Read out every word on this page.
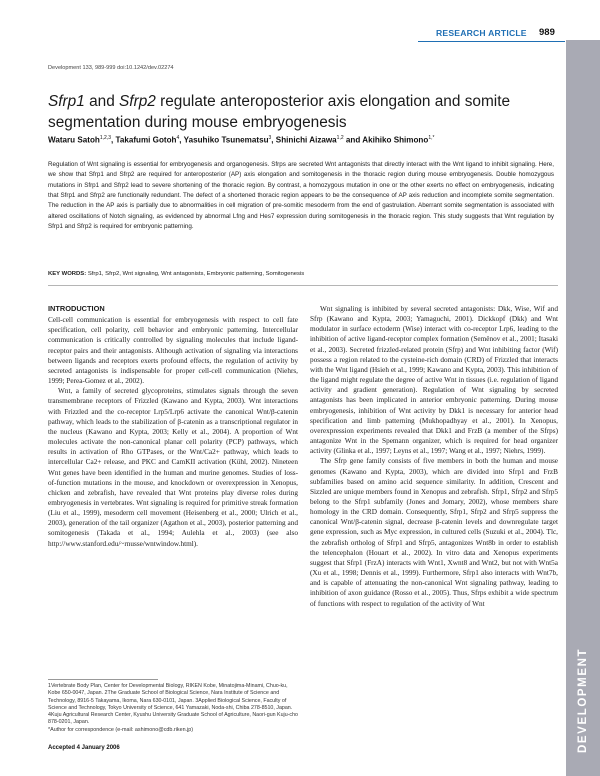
RESEARCH ARTICLE 989
DEVELOPMENT
Development 133, 989-999 doi:10.1242/dev.02274
Sfrp1 and Sfrp2 regulate anteroposterior axis elongation and somite segmentation during mouse embryogenesis
Wataru Satoh$^{1,2,3}$, Takafumi Gotoh$^4$, Yasuhiko Tsunematsu$^3$, Shinichi Aizawa$^{1,2}$ and Akihiko Shimono$^{1,*}$
Regulation of Wnt signaling is essential for embryogenesis and organogenesis. Sfrps are secreted Wnt antagonists that directly interact with the Wnt ligand to inhibit signaling. Here, we show that Sfrp1 and Sfrp2 are required for anteroposterior (AP) axis elongation and somitogenesis in the thoracic region during mouse embryogenesis. Double homozygous mutations in Sfrp1 and Sfrp2 lead to severe shortening of the thoracic region. By contrast, a homozygous mutation in one or the other exerts no effect on embryogenesis, indicating that Sfrp1 and Sfrp2 are functionally redundant. The defect of a shortened thoracic region appears to be the consequence of AP axis reduction and incomplete somite segmentation. The reduction in the AP axis is partially due to abnormalities in cell migration of pre-somitic mesoderm from the end of gastrulation. Aberrant somite segmentation is associated with altered oscillations of Notch signaling, as evidenced by abnormal Lfng and Hes7 expression during somitogenesis in the thoracic region. This study suggests that Wnt regulation by Sfrp1 and Sfrp2 is required for embryonic patterning.
KEY WORDS: Sfrp1, Sfrp2, Wnt signaling, Wnt antagonists, Embryonic patterning, Somitogenesis
INTRODUCTION

Cell-cell communication is essential for embryogenesis with respect to cell fate specification, cell polarity, cell behavior and embryonic patterning. Intercellular communication is critically controlled by signaling molecules that include ligand-receptor pairs and their antagonists. Although activation of signaling via interactions between ligands and receptors exerts profound effects, the regulation of activity by secreted antagonists is indispensable for proper cell-cell communication (Niehrs, 1999; Perea-Gomez et al., 2002).

Wnt, a family of secreted glycoproteins, stimulates signals through the seven transmembrane receptors of Frizzled (Kawano and Kypta, 2003). Wnt interactions with Frizzled and the co-receptor Lrp5/Lrp6 activate the canonical Wnt/β-catenin pathway, which leads to the stabilization of β-catenin as a transcriptional regulator in the nucleus (Kawano and Kypta, 2003; Kelly et al., 2004). A proportion of Wnt molecules activate the non-canonical planar cell polarity (PCP) pathways, which results in activation of Rho GTPases, or the Wnt/Ca2+ pathway, which leads to intercellular Ca2+ release, and PKC and CamKII activation (Kühl, 2002). Nineteen Wnt genes have been identified in the human and murine genomes. Studies of loss-of-function mutations in the mouse, and knockdown or overexpression in Xenopus, chicken and zebrafish, have revealed that Wnt proteins play diverse roles during embryogenesis in vertebrates. Wnt signaling is required for primitive streak formation (Liu et al., 1999), mesoderm cell movement (Heisenberg et al., 2000; Ulrich et al., 2003), generation of the tail organizer (Agathon et al., 2003), posterior patterning and somitogenesis (Takada et al., 1994; Aulehla et al., 2003) (see also http://www.stanford.edu/~rnusse/wntwindow.html).

1Vertebrate Body Plan, Center for Developmental Biology, RIKEN Kobe, Minatojima-Minami, Chuo-ku, Kobe 650-0047, Japan. 2The Graduate School of Biological Science, Nara Institute of Science and Technology, 8916-5 Takayama, Ikoma, Nara 630-0101, Japan. 3Applied Biological Science, Faculty of Science and Technology, Tokyo University of Science, 641 Yamazaki, Noda-shi, Chiba 278-8510, Japan. 4Kuju Agricultural Research Center, Kyushu University Graduate School of Agriculture, Naori-gun Kuju-cho 878-0201, Japan.
*Author for correspondence (e-mail: ashimono@cdb.riken.jp)
Accepted 4 January 2006

Wnt signaling is inhibited by several secreted antagonists: Dkk, Wise, Wif and Sfrp (Kawano and Kypta, 2003; Yamaguchi, 2001). Dickkopf (Dkk) and Wnt modulator in surface ectoderm (Wise) interact with co-receptor Lrp6, leading to the inhibition of active ligand-receptor complex formation (Semënov et al., 2001; Itasaki et al., 2003). Secreted frizzled-related protein (Sfrp) and Wnt inhibiting factor (Wif) possess a region related to the cysteine-rich domain (CRD) of Frizzled that interacts with the Wnt ligand (Hsieh et al., 1999; Kawano and Kypta, 2003). This inhibition of the ligand might regulate the degree of active Wnt in tissues (i.e. regulation of ligand activity and gradient generation). Regulation of Wnt signaling by secreted antagonists has been implicated in anterior embryonic patterning. During mouse embryogenesis, inhibition of Wnt activity by Dkk1 is necessary for anterior head specification and limb patterning (Mukhopadhyay et al., 2001). In Xenopus, overexpression experiments revealed that Dkk1 and FrzB (a member of the Sfrps) antagonize Wnt in the Spemann organizer, which is required for head organizer activity (Glinka et al., 1997; Leyns et al., 1997; Wang et al., 1997; Niehrs, 1999).

The Sfrp gene family consists of five members in both the human and mouse genomes (Kawano and Kypta, 2003), which are divided into Sfrp1 and FrzB subfamilies based on amino acid sequence similarity. In addition, Crescent and Sizzled are unique members found in Xenopus and zebrafish. Sfrp1, Sfrp2 and Sfrp5 belong to the Sfrp1 subfamily (Jones and Jomary, 2002), whose members share homology in the CRD domain. Consequently, Sfrp1, Sfrp2 and Sfrp5 suppress the canonical Wnt/β-catenin signal, decrease β-catenin levels and downregulate target gene expression, such as Myc expression, in cultured cells (Suzuki et al., 2004). Tlc, the zebrafish ortholog of Sfrp1 and Sfrp5, antagonizes Wnt8b in order to establish the telencephalon (Houart et al., 2002). In vitro data and Xenopus experiments suggest that Sfrp1 (FrzA) interacts with Wnt1, Xwnt8 and Wnt2, but not with Wnt5a (Xu et al., 1998; Dennis et al., 1999). Furthermore, Sfrp1 also interacts with Wnt7b, and is capable of attenuating the non-canonical Wnt signaling pathway, leading to inhibition of axon guidance (Rosso et al., 2005). Thus, Sfrps exhibit a wide spectrum of functions with respect to regulation of the activity of Wnt
